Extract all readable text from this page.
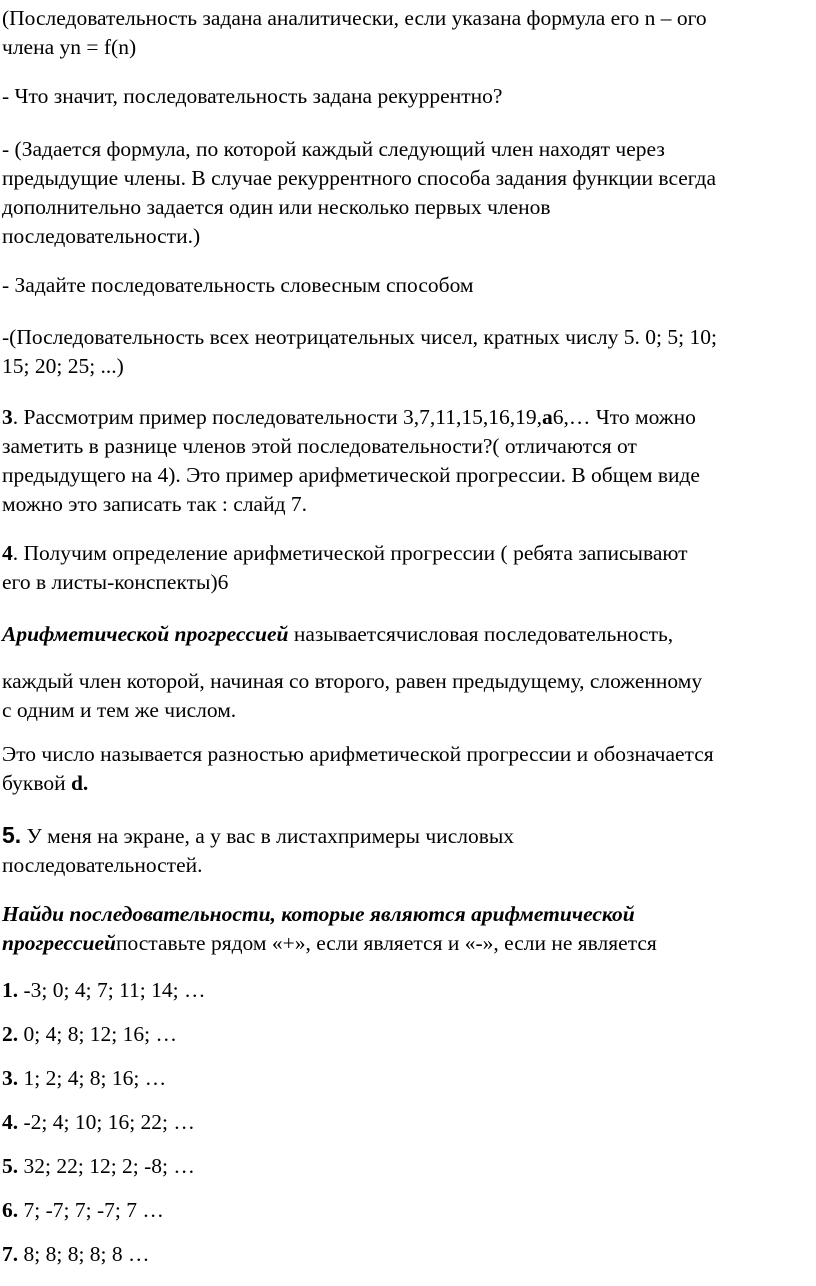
(Последовательность задана аналитически, если указана формула его n – ого
члена yn = f(n)

- Что значит, последовательность задана рекуррентно?

- (Задается формула, по которой каждый следующий член находят через
предыдущие члены. В случае рекуррентного способа задания функции всегда
дополнительно задается один или несколько первых членов
последовательности.)

- Задайте последовательность словесным способом

-(Последовательность всех неотрицательных чисел, кратных числу 5. 0; 5; 10;
15; 20; 25; ...)

3. Рассмотрим пример последовательности 3,7,11,15,16,19,а6,… Что можно
заметить в разнице членов этой последовательности?( отличаются от
предыдущего на 4). Это пример арифметической прогрессии. В общем виде
можно это записать так : слайд 7.

4. Получим определение арифметической прогрессии ( ребята записывают
его в листы-конспекты)6

Арифметической прогрессией называетсячисловая последовательность,

каждый член которой, начиная со второго, равен предыдущему, сложенному
с одним и тем же числом.

Это число называется разностью арифметической прогрессии и обозначается
буквой d.

5. У меня на экране, а у вас в листахпримеры числовых
последовательностей.

Найди последовательности, которые являются арифметической
прогрессиейпоставьте рядом «+», если является и «-», если не является

1. -3; 0; 4; 7; 11; 14; …

2. 0; 4; 8; 12; 16; …

3. 1; 2; 4; 8; 16; …

4. -2; 4; 10; 16; 22; …

5. 32; 22; 12; 2; -8; …

6. 7; -7; 7; -7; 7 …

7. 8; 8; 8; 8; 8 …
